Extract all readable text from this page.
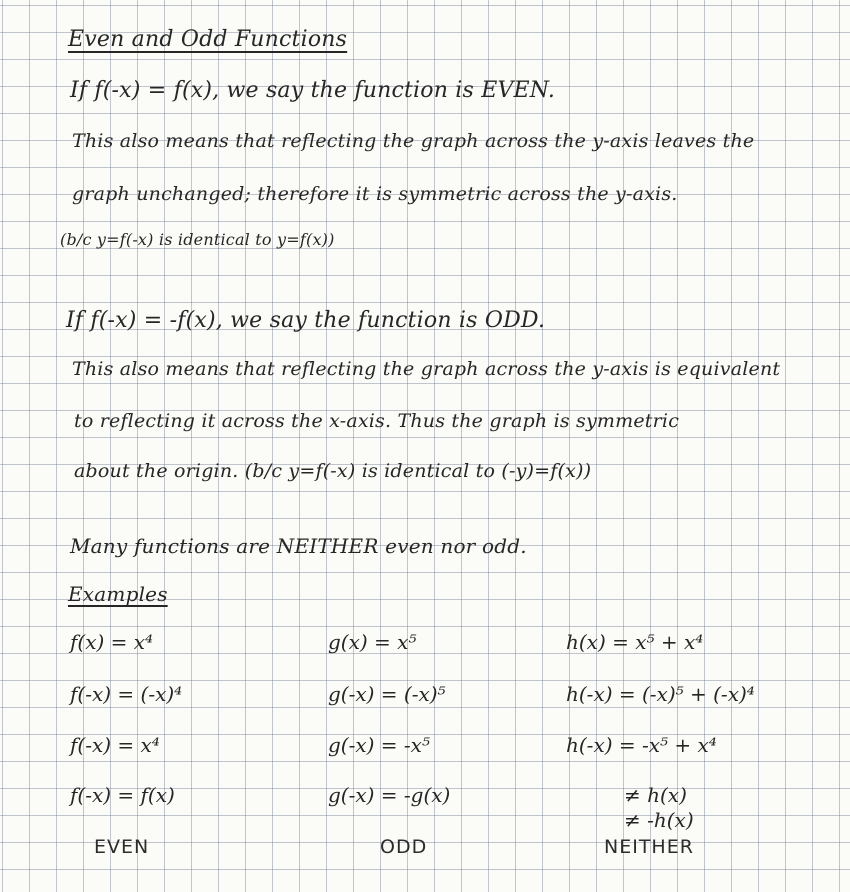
Even and Odd Functions
If f(-x) = f(x), we say the function is EVEN.
This also means that reflecting the graph across the y-axis leaves the
graph unchanged; therefore it is symmetric across the y-axis.
(b/c y=f(-x) is identical to y=f(x))
If f(-x) = -f(x), we say the function is ODD.
This also means that reflecting the graph across the y-axis is equivalent
to reflecting it across the x-axis. Thus the graph is symmetric
about the origin. (b/c y=f(-x) is identical to (-y)=f(x))
Many functions are NEITHER even nor odd.
Examples
f(x) = x⁴
f(-x) = (-x)⁴
f(-x) = x⁴
f(-x) = f(x)
g(x) = x⁵
g(-x) = (-x)⁵
g(-x) = -x⁵
g(-x) = -g(x)
h(x) = x⁵ + x⁴
h(-x) = (-x)⁵ + (-x)⁴
h(-x) = -x⁵ + x⁴
≠ h(x)
≠ -h(x)
EVEN	ODD	NEITHER
